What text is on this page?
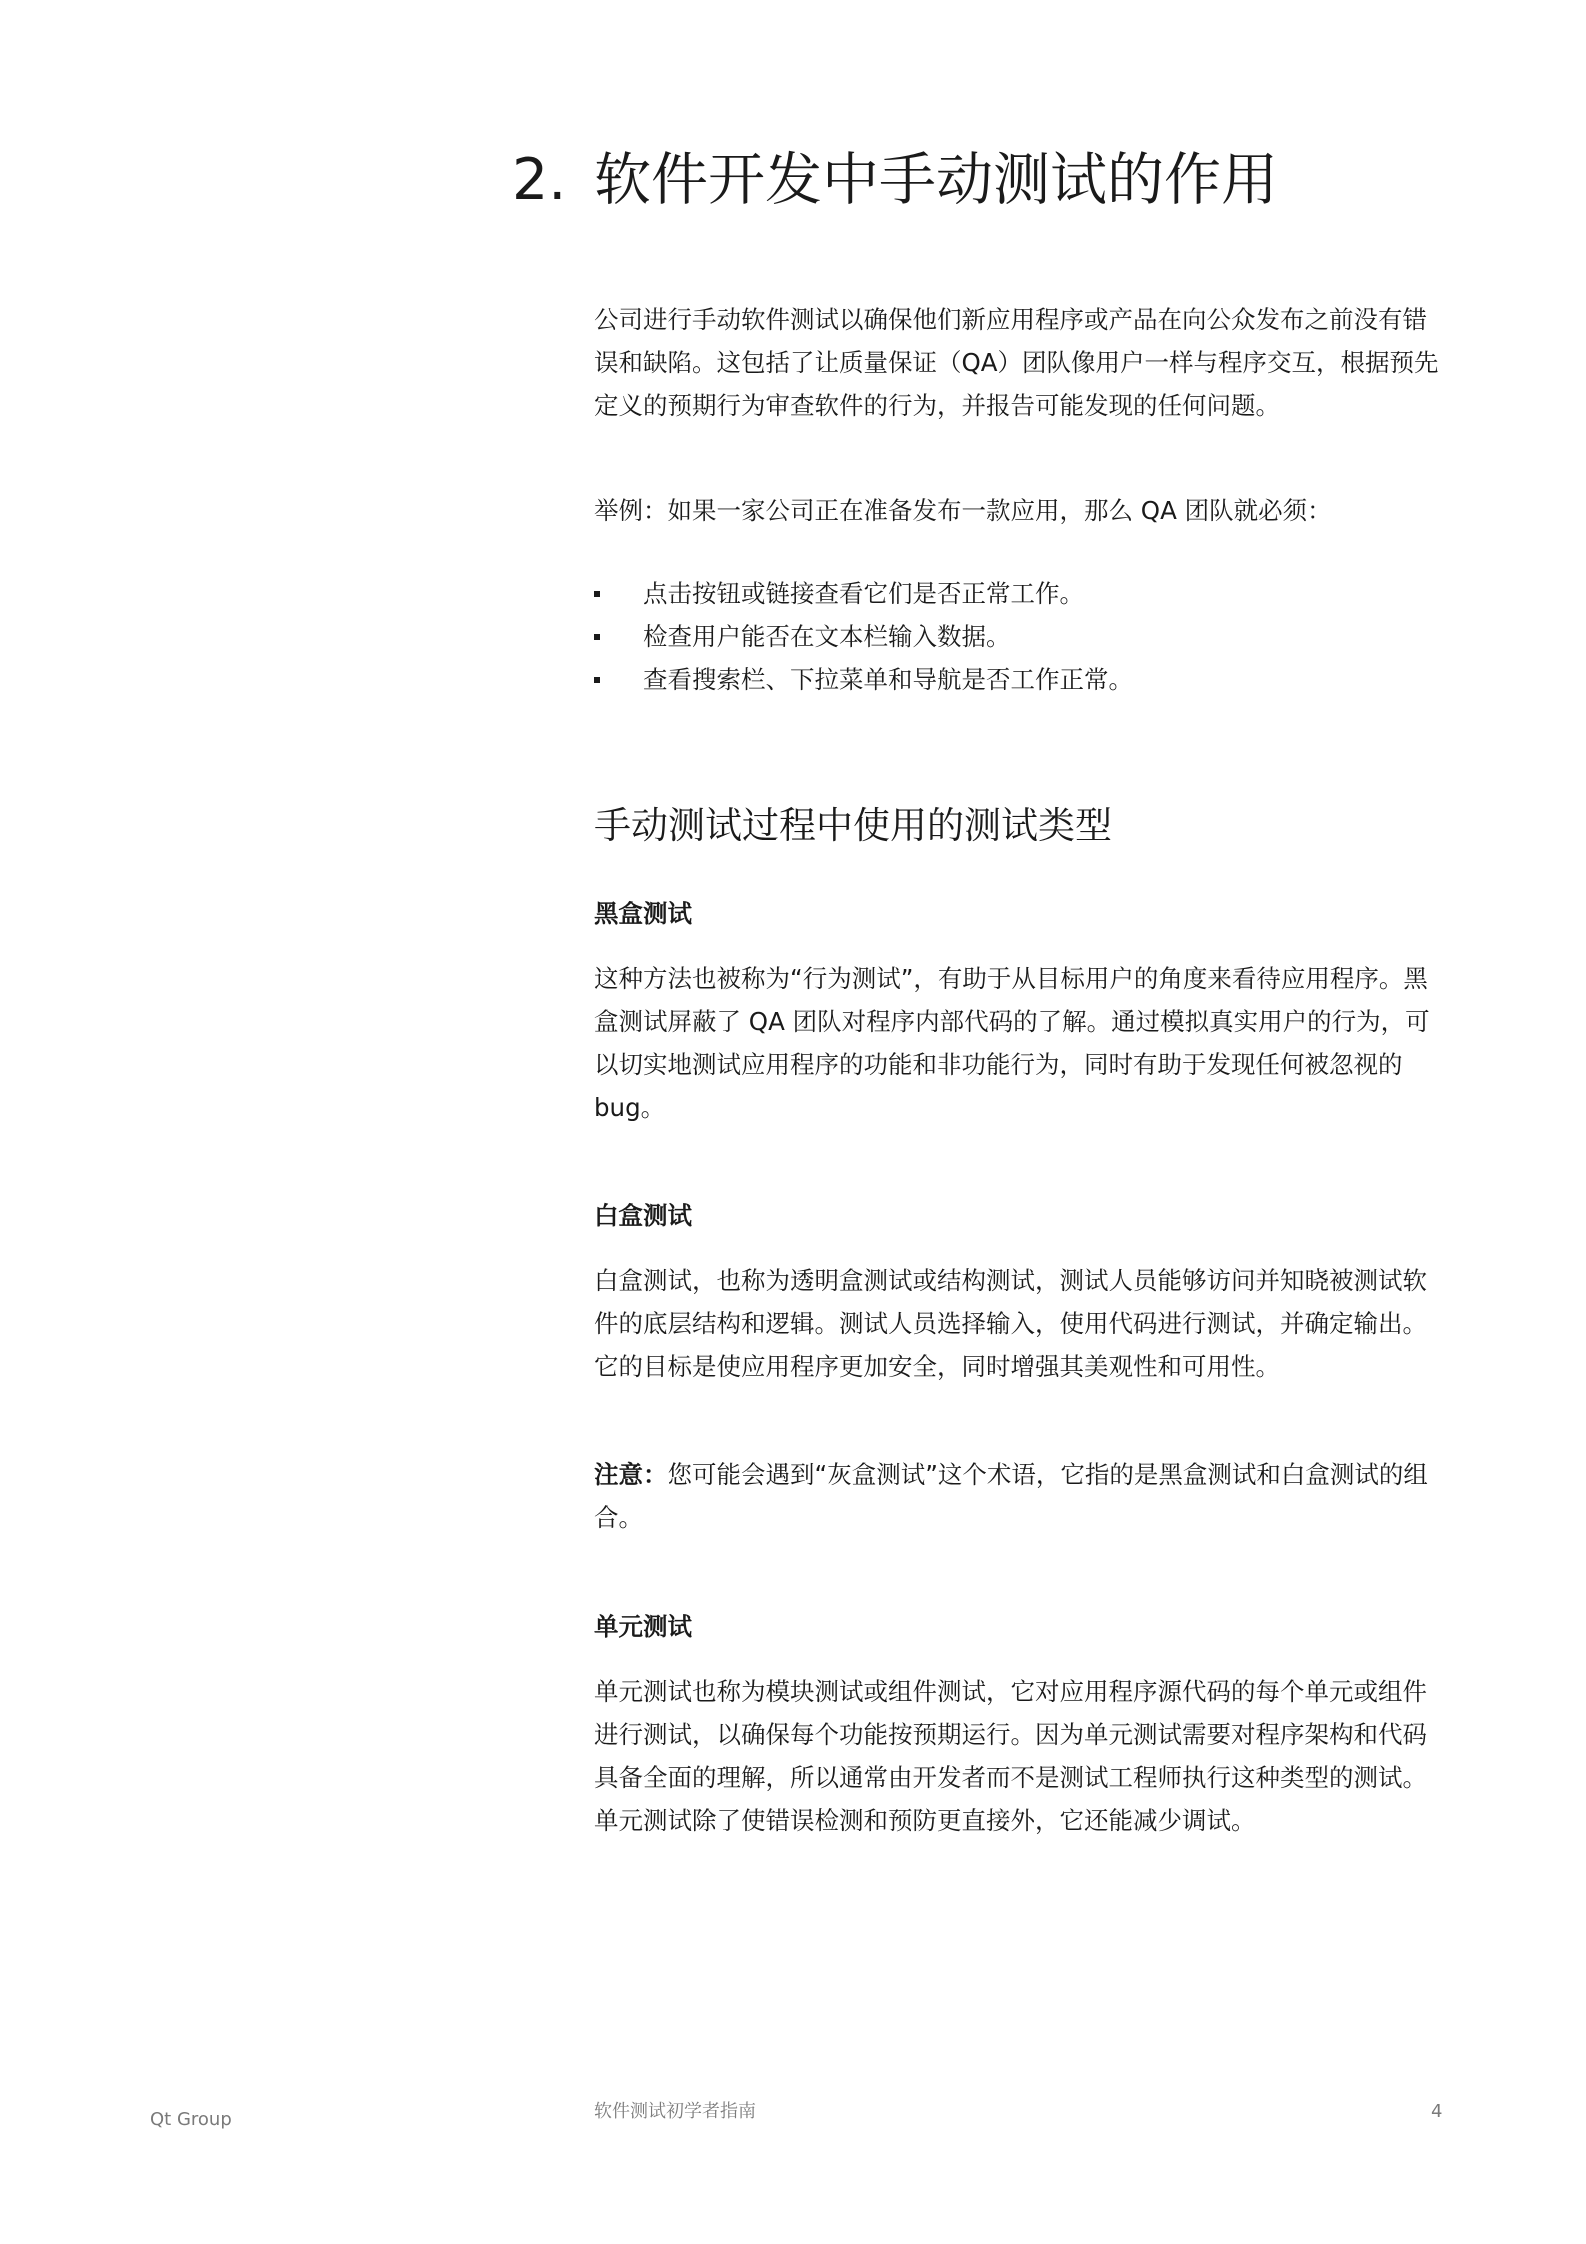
2. 软件开发中手动测试的作用

公司进行手动软件测试以确保他们新应用程序或产品在向公众发布之前没有错误和缺陷。这包括了让质量保证（QA）团队像用户一样与程序交互，根据预先定义的预期行为审查软件的行为，并报告可能发现的任何问题。

举例：如果一家公司正在准备发布一款应用，那么 QA 团队就必须：

点击按钮或链接查看它们是否正常工作。
检查用户能否在文本栏输入数据。
查看搜索栏、下拉菜单和导航是否工作正常。
手动测试过程中使用的测试类型
黑盒测试

这种方法也被称为“行为测试”，有助于从目标用户的角度来看待应用程序。黑盒测试屏蔽了 QA 团队对程序内部代码的了解。通过模拟真实用户的行为，可以切实地测试应用程序的功能和非功能行为，同时有助于发现任何被忽视的bug。

白盒测试

白盒测试，也称为透明盒测试或结构测试，测试人员能够访问并知晓被测试软件的底层结构和逻辑。测试人员选择输入，使用代码进行测试，并确定输出。它的目标是使应用程序更加安全，同时增强其美观性和可用性。

注意：您可能会遇到“灰盒测试”这个术语，它指的是黑盒测试和白盒测试的组合。

单元测试

单元测试也称为模块测试或组件测试，它对应用程序源代码的每个单元或组件进行测试，以确保每个功能按预期运行。因为单元测试需要对程序架构和代码具备全面的理解，所以通常由开发者而不是测试工程师执行这种类型的测试。单元测试除了使错误检测和预防更直接外，它还能减少调试。

Qt Group	软件测试初学者指南	4
